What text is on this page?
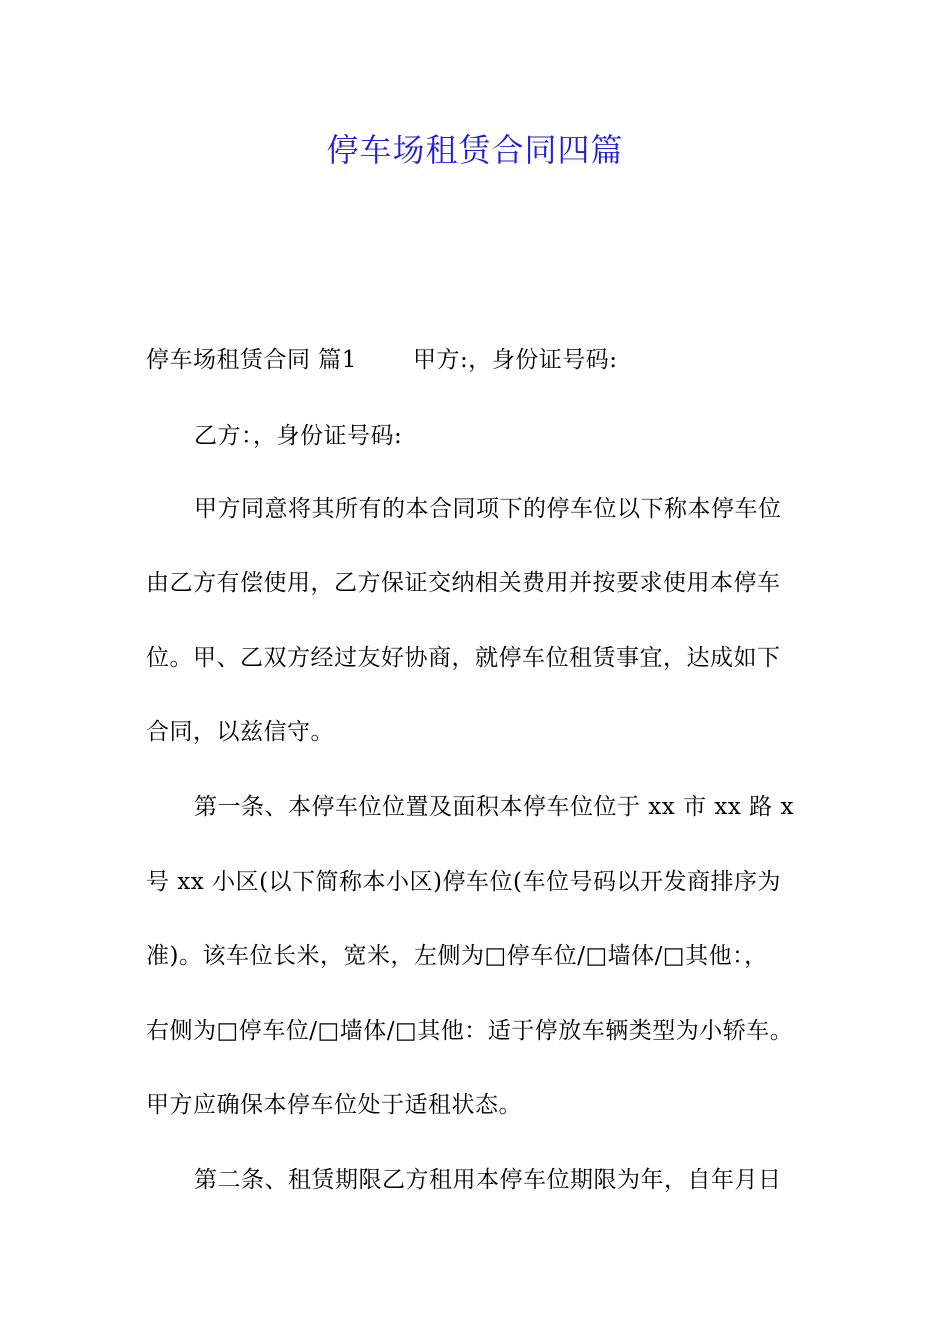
停车场租赁合同四篇
停车场租赁合同 篇1 甲方:，身份证号码:
乙方：，身份证号码:
甲方同意将其所有的本合同项下的停车位以下称本停车位
由乙方有偿使用，乙方保证交纳相关费用并按要求使用本停车
位。甲、乙双方经过友好协商，就停车位租赁事宜，达成如下
合同，以兹信守。
第一条、本停车位位置及面积本停车位位于 xx 市 xx 路 x
号 xx 小区(以下简称本小区)停车位(车位号码以开发商排序为
准)。该车位长米，宽米，左侧为□停车位/□墙体/□其他：，
右侧为□停车位/□墙体/□其他：适于停放车辆类型为小轿车。
甲方应确保本停车位处于适租状态。
第二条、租赁期限乙方租用本停车位期限为年，自年月日
